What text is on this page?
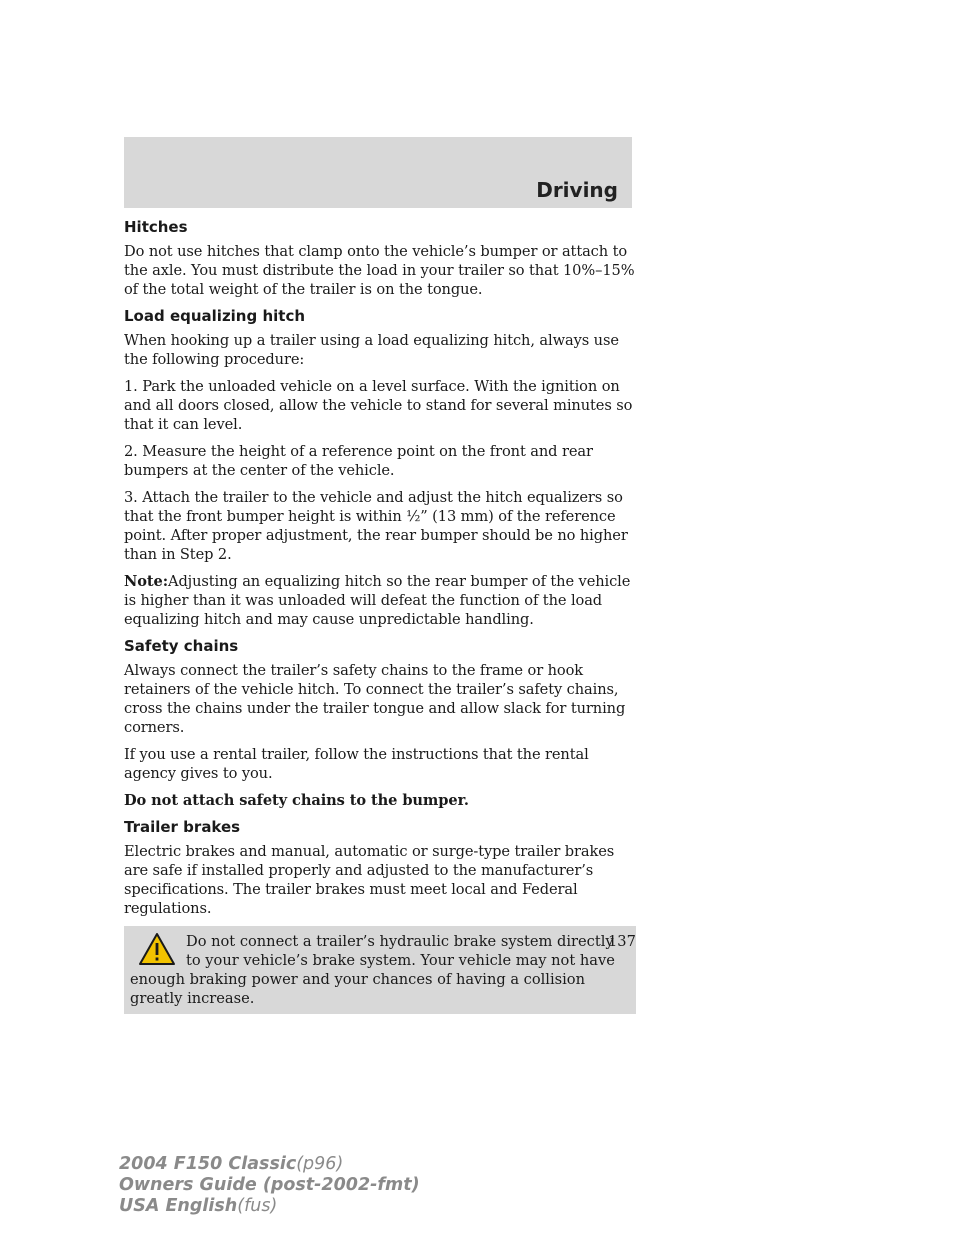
Driving
Hitches

Do not use hitches that clamp onto the vehicle’s bumper or attach to the axle. You must distribute the load in your trailer so that 10%–15% of the total weight of the trailer is on the tongue.

Load equalizing hitch

When hooking up a trailer using a load equalizing hitch, always use the following procedure:

1. Park the unloaded vehicle on a level surface. With the ignition on and all doors closed, allow the vehicle to stand for several minutes so that it can level.

2. Measure the height of a reference point on the front and rear bumpers at the center of the vehicle.

3. Attach the trailer to the vehicle and adjust the hitch equalizers so that the front bumper height is within ½” (13 mm) of the reference point. After proper adjustment, the rear bumper should be no higher than in Step 2.

Note:Adjusting an equalizing hitch so the rear bumper of the vehicle is higher than it was unloaded will defeat the function of the load equalizing hitch and may cause unpredictable handling.

Safety chains

Always connect the trailer’s safety chains to the frame or hook retainers of the vehicle hitch. To connect the trailer’s safety chains, cross the chains under the trailer tongue and allow slack for turning corners.

If you use a rental trailer, follow the instructions that the rental agency gives to you.

Do not attach safety chains to the bumper.

Trailer brakes

Electric brakes and manual, automatic or surge-type trailer brakes are safe if installed properly and adjusted to the manufacturer’s specifications. The trailer brakes must meet local and Federal regulations.

Do not connect a trailer’s hydraulic brake system directly to your vehicle’s brake system. Your vehicle may not have enough braking power and your chances of having a collision greatly increase.
137
2004 F150 Classic(p96)
Owners Guide (post-2002-fmt)
USA English(fus)
